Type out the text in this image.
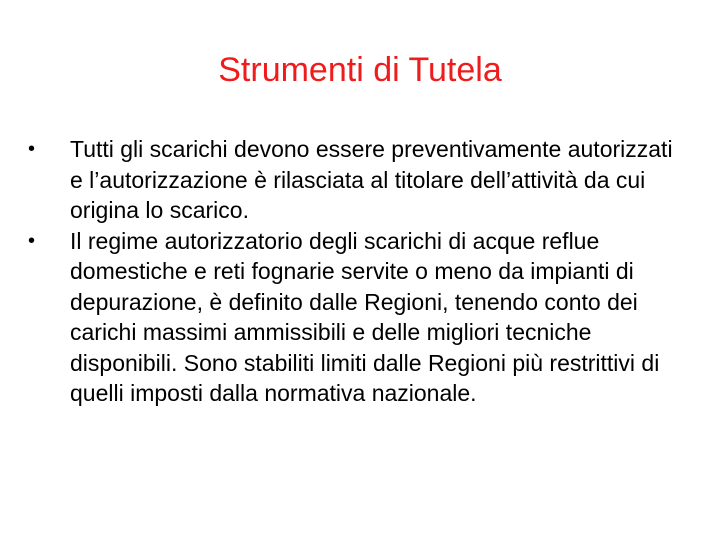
Strumenti di Tutela
•	Tutti gli scarichi devono essere preventivamente autorizzati e l’autorizzazione è rilasciata al titolare dell’attività da cui origina lo scarico.
•	Il regime autorizzatorio degli scarichi di acque reflue domestiche e reti fognarie servite o meno da impianti di depurazione, è definito dalle Regioni, tenendo conto dei carichi massimi ammissibili e delle migliori tecniche disponibili. Sono stabiliti limiti dalle Regioni più restrittivi di quelli imposti dalla normativa nazionale.
